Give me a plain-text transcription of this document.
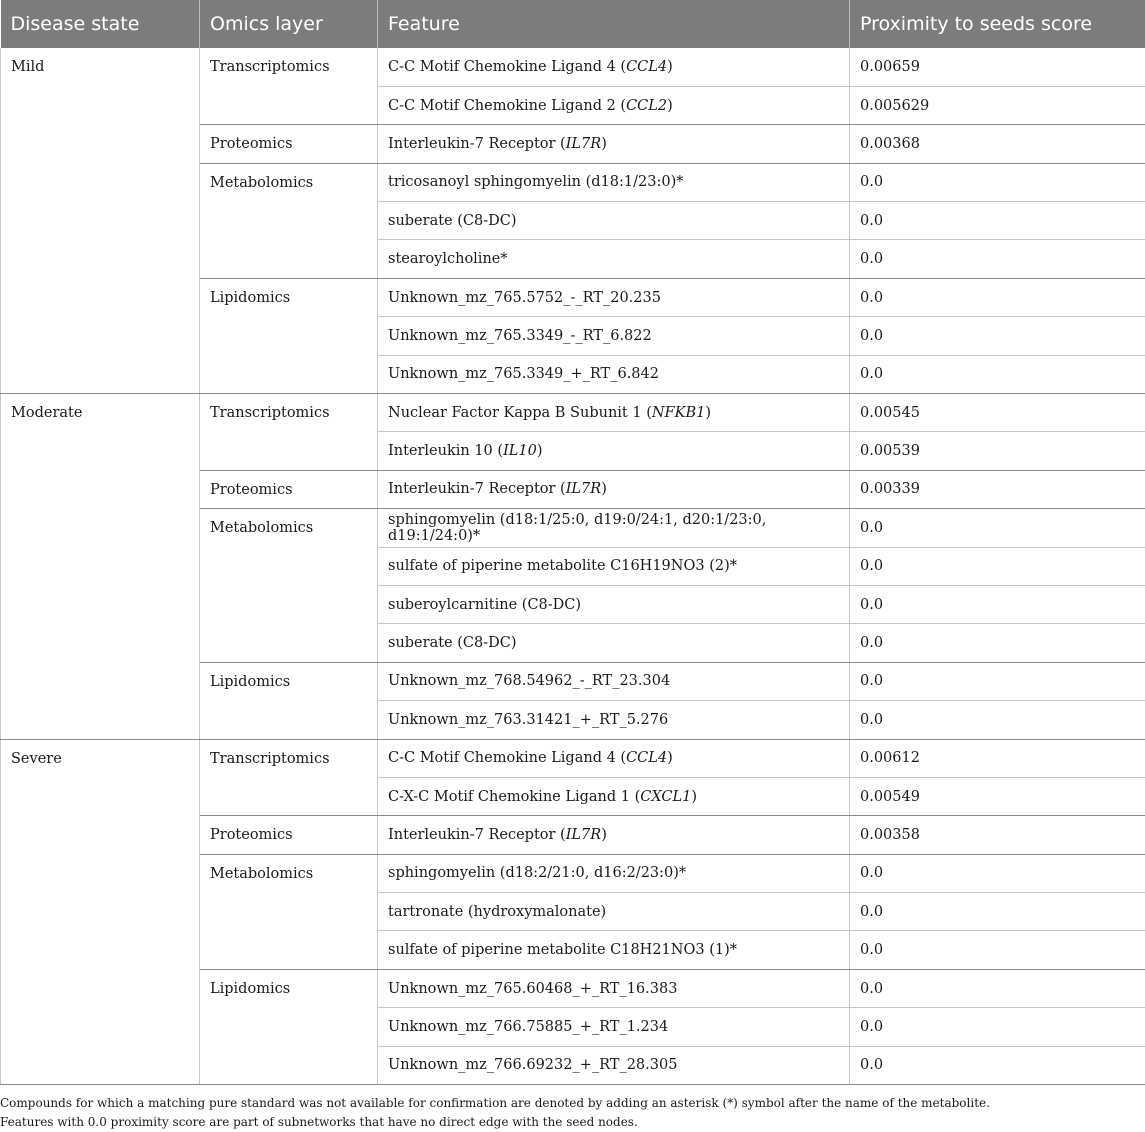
Disease state	Omics layer	Feature	Proximity to seeds score
Mild	Transcriptomics	C-C Motif Chemokine Ligand 4 (CCL4)	0.00659
		C-C Motif Chemokine Ligand 2 (CCL2)	0.005629
	Proteomics	Interleukin-7 Receptor (IL7R)	0.00368
	Metabolomics	tricosanoyl sphingomyelin (d18:1/23:0)*	0.0
		suberate (C8-DC)	0.0
		stearoylcholine*	0.0
	Lipidomics	Unknown_mz_765.5752_-_RT_20.235	0.0
		Unknown_mz_765.3349_-_RT_6.822	0.0
		Unknown_mz_765.3349_+_RT_6.842	0.0
Moderate	Transcriptomics	Nuclear Factor Kappa B Subunit 1 (NFKB1)	0.00545
		Interleukin 10 (IL10)	0.00539
	Proteomics	Interleukin-7 Receptor (IL7R)	0.00339
	Metabolomics	sphingomyelin (d18:1/25:0, d19:0/24:1, d20:1/23:0, d19:1/24:0)*	0.0
		sulfate of piperine metabolite C16H19NO3 (2)*	0.0
		suberoylcarnitine (C8-DC)	0.0
		suberate (C8-DC)	0.0
	Lipidomics	Unknown_mz_768.54962_-_RT_23.304	0.0
		Unknown_mz_763.31421_+_RT_5.276	0.0
Severe	Transcriptomics	C-C Motif Chemokine Ligand 4 (CCL4)	0.00612
		C-X-C Motif Chemokine Ligand 1 (CXCL1)	0.00549
	Proteomics	Interleukin-7 Receptor (IL7R)	0.00358
	Metabolomics	sphingomyelin (d18:2/21:0, d16:2/23:0)*	0.0
		tartronate (hydroxymalonate)	0.0
		sulfate of piperine metabolite C18H21NO3 (1)*	0.0
	Lipidomics	Unknown_mz_765.60468_+_RT_16.383	0.0
		Unknown_mz_766.75885_+_RT_1.234	0.0
		Unknown_mz_766.69232_+_RT_28.305	0.0
Compounds for which a matching pure standard was not available for confirmation are denoted by adding an asterisk (*) symbol after the name of the metabolite.
Features with 0.0 proximity score are part of subnetworks that have no direct edge with the seed nodes.
